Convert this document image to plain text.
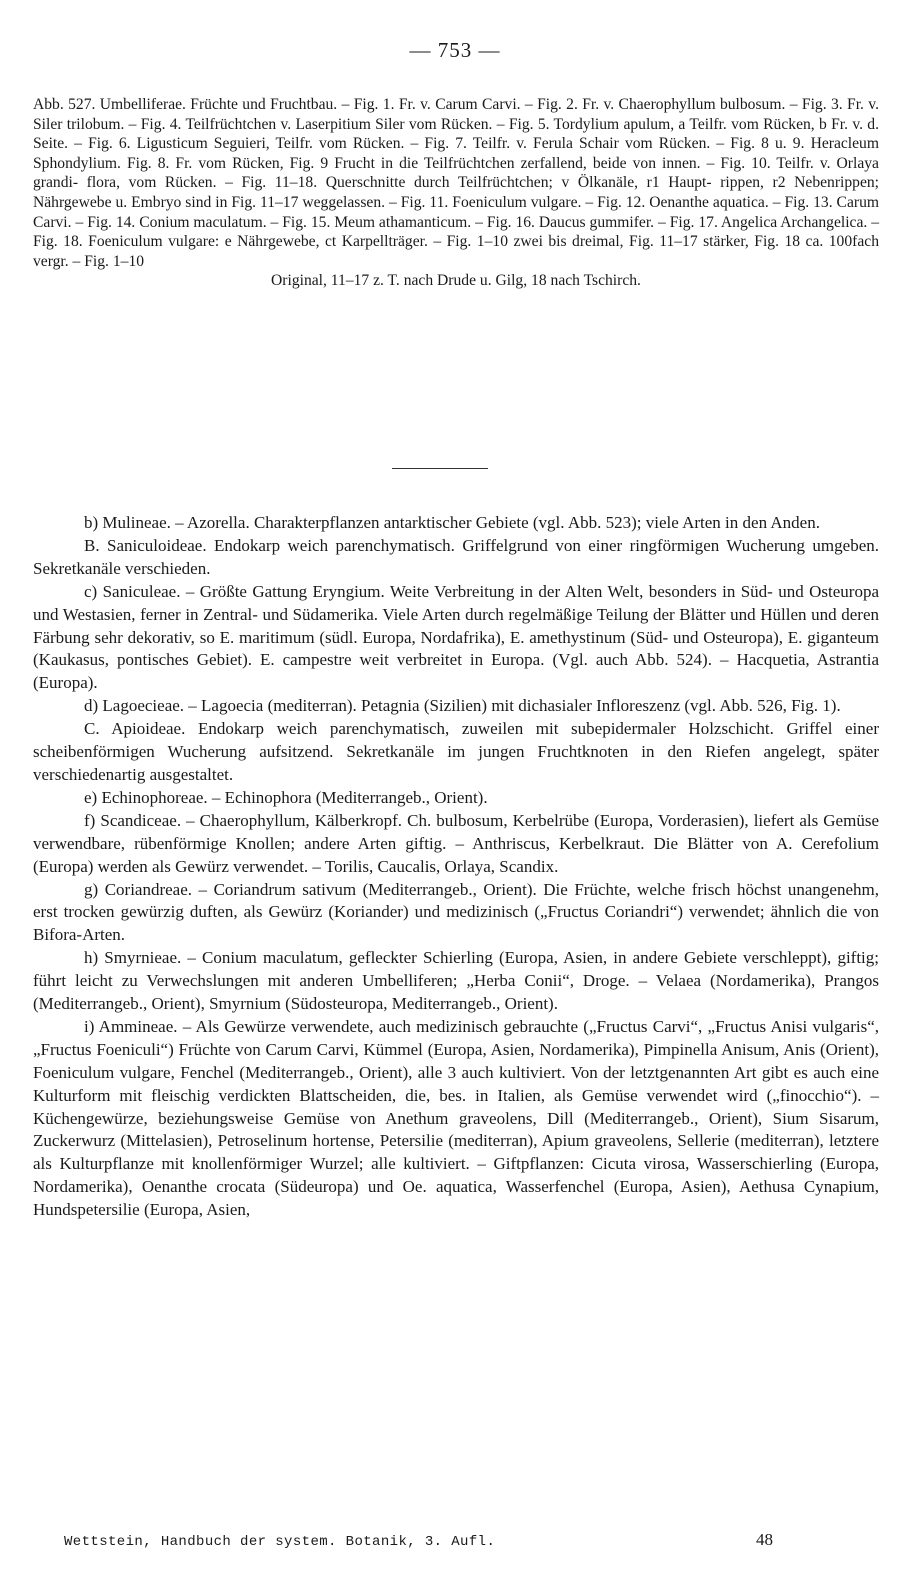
— 753 —
Abb. 527. Umbelliferae. Früchte und Fruchtbau. – Fig. 1. Fr. v. Carum Carvi. – Fig. 2. Fr. v. Chaerophyllum bulbosum. – Fig. 3. Fr. v. Siler trilobum. – Fig. 4. Teilfrüchtchen v. Laserpitium Siler vom Rücken. – Fig. 5. Tordylium apulum, a Teilfr. vom Rücken, b Fr. v. d. Seite. – Fig. 6. Ligusticum Seguieri, Teilfr. vom Rücken. – Fig. 7. Teilfr. v. Ferula Schair vom Rücken. – Fig. 8 u. 9. Heracleum Sphondylium. Fig. 8. Fr. vom Rücken, Fig. 9 Frucht in die Teilfrüchtchen zerfallend, beide von innen. – Fig. 10. Teilfr. v. Orlaya grandi- flora, vom Rücken. – Fig. 11–18. Querschnitte durch Teilfrüchtchen; v Ölkanäle, r1 Haupt- rippen, r2 Nebenrippen; Nährgewebe u. Embryo sind in Fig. 11–17 weggelassen. – Fig. 11. Foeniculum vulgare. – Fig. 12. Oenanthe aquatica. – Fig. 13. Carum Carvi. – Fig. 14. Conium maculatum. – Fig. 15. Meum athamanticum. – Fig. 16. Daucus gummifer. – Fig. 17. Angelica Archangelica. – Fig. 18. Foeniculum vulgare: e Nährgewebe, ct Karpellträger. – Fig. 1–10 zwei bis dreimal, Fig. 11–17 stärker, Fig. 18 ca. 100fach vergr. – Fig. 1–10
Original, 11–17 z. T. nach Drude u. Gilg, 18 nach Tschirch.

b) Mulineae. – Azorella. Charakterpflanzen antarktischer Gebiete (vgl. Abb. 523); viele Arten in den Anden.

B. Saniculoideae. Endokarp weich parenchymatisch. Griffelgrund von einer ringförmigen Wucherung umgeben. Sekretkanäle verschieden.

c) Saniculeae. – Größte Gattung Eryngium. Weite Verbreitung in der Alten Welt, besonders in Süd- und Osteuropa und Westasien, ferner in Zentral- und Südamerika. Viele Arten durch regelmäßige Teilung der Blätter und Hüllen und deren Färbung sehr dekorativ, so E. maritimum (südl. Europa, Nordafrika), E. amethystinum (Süd- und Osteuropa), E. giganteum (Kaukasus, pontisches Gebiet). E. campestre weit verbreitet in Europa. (Vgl. auch Abb. 524). – Hacquetia, Astrantia (Europa).

d) Lagoecieae. – Lagoecia (mediterran). Petagnia (Sizilien) mit dichasialer Infloreszenz (vgl. Abb. 526, Fig. 1).

C. Apioideae. Endokarp weich parenchymatisch, zuweilen mit subepidermaler Holzschicht. Griffel einer scheibenförmigen Wucherung aufsitzend. Sekretkanäle im jungen Fruchtknoten in den Riefen angelegt, später verschiedenartig ausgestaltet.

e) Echinophoreae. – Echinophora (Mediterrangeb., Orient).

f) Scandiceae. – Chaerophyllum, Kälberkropf. Ch. bulbosum, Kerbelrübe (Europa, Vorderasien), liefert als Gemüse verwendbare, rübenförmige Knollen; andere Arten giftig. – Anthriscus, Kerbelkraut. Die Blätter von A. Cerefolium (Europa) werden als Gewürz verwendet. – Torilis, Caucalis, Orlaya, Scandix.

g) Coriandreae. – Coriandrum sativum (Mediterrangeb., Orient). Die Früchte, welche frisch höchst unangenehm, erst trocken gewürzig duften, als Gewürz (Koriander) und medizinisch („Fructus Coriandri“) verwendet; ähnlich die von Bifora-Arten.

h) Smyrnieae. – Conium maculatum, gefleckter Schierling (Europa, Asien, in andere Gebiete verschleppt), giftig; führt leicht zu Verwechslungen mit anderen Umbelliferen; „Herba Conii“, Droge. – Velaea (Nordamerika), Prangos (Mediterrangeb., Orient), Smyrnium (Südosteuropa, Mediterrangeb., Orient).

i) Ammineae. – Als Gewürze verwendete, auch medizinisch gebrauchte („Fructus Carvi“, „Fructus Anisi vulgaris“, „Fructus Foeniculi“) Früchte von Carum Carvi, Kümmel (Europa, Asien, Nordamerika), Pimpinella Anisum, Anis (Orient), Foeniculum vulgare, Fenchel (Mediterrangeb., Orient), alle 3 auch kultiviert. Von der letztgenannten Art gibt es auch eine Kulturform mit fleischig verdickten Blattscheiden, die, bes. in Italien, als Gemüse verwendet wird („finocchio“). – Küchengewürze, beziehungsweise Gemüse von Anethum graveolens, Dill (Mediterrangeb., Orient), Sium Sisarum, Zuckerwurz (Mittelasien), Petroselinum hortense, Petersilie (mediterran), Apium graveolens, Sellerie (mediterran), letztere als Kulturpflanze mit knollenförmiger Wurzel; alle kultiviert. – Giftpflanzen: Cicuta virosa, Wasserschierling (Europa, Nordamerika), Oenanthe crocata (Südeuropa) und Oe. aquatica, Wasserfenchel (Europa, Asien), Aethusa Cynapium, Hundspetersilie (Europa, Asien,

Wettstein, Handbuch der system. Botanik, 3. Aufl.	48
